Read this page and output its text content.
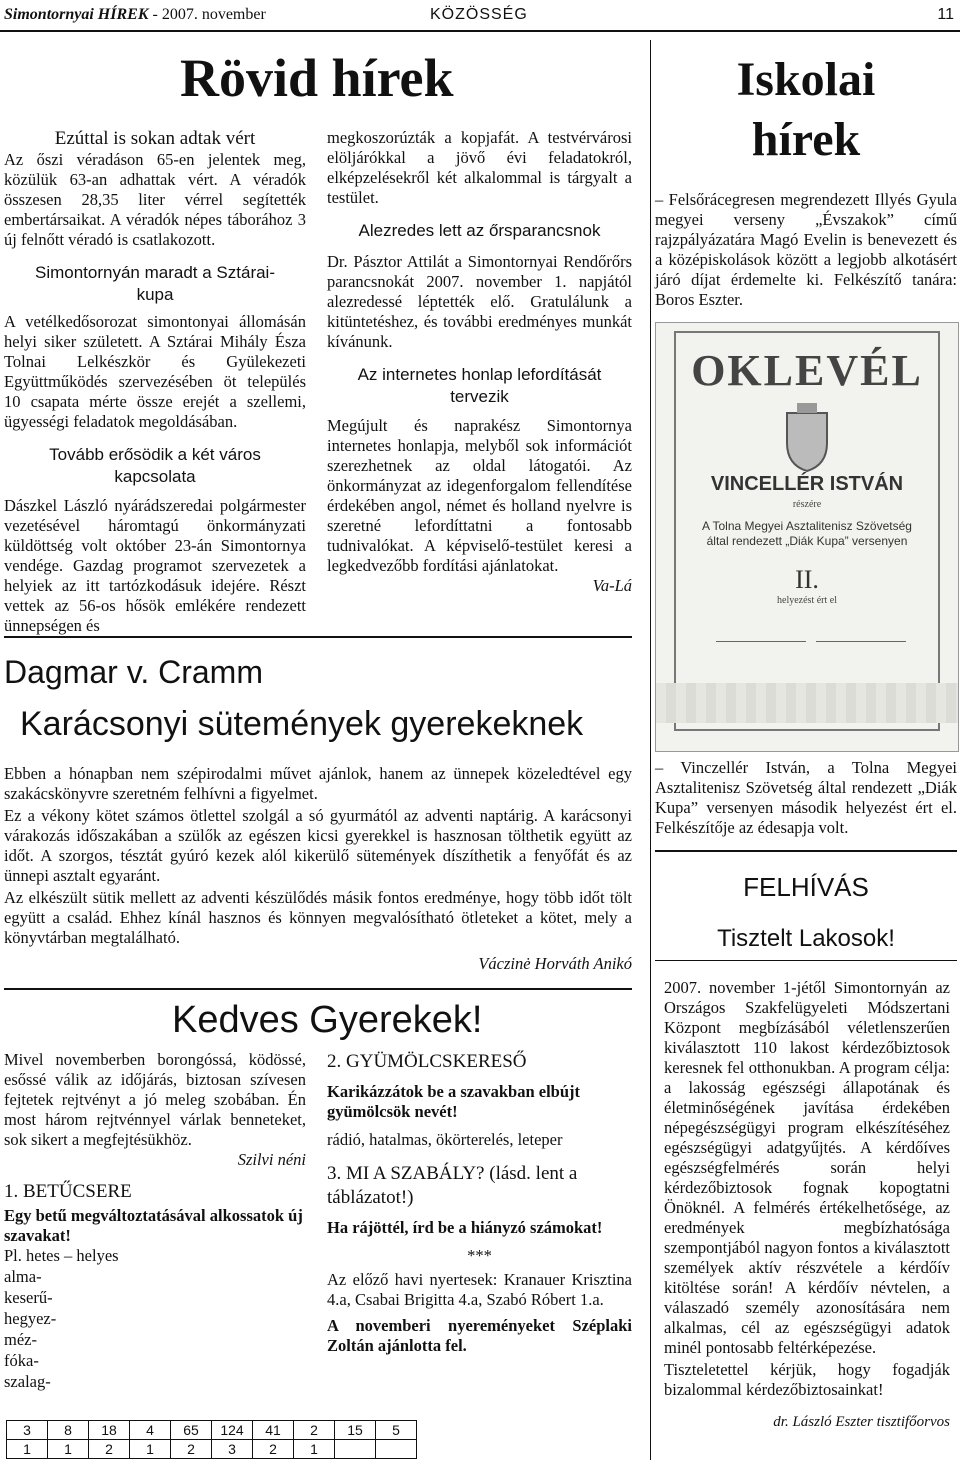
Simontornyai HÍREK - 2007. november	KÖZÖSSÉG	11
Rövid hírek

Ezúttal is sokan adtak vért

Az őszi véradáson 65-en jelentek meg, közülük 63-an adhattak vért. A véradók összesen 28,35 liter vérrel segítették embertársaikat. A véradók népes táborához 3 új felnőtt véradó is csatlakozott.

Simontornyán maradt a Sztárai-kupa

A vetélkedősorozat simontonyai állomásán helyi siker született. A Sztárai Mihály Észa Tolnai Lelkészkör és Gyülekezeti Együttműködés szervezésében öt település 10 csapata mérte össze erejét a szellemi, ügyességi feladatok megoldásában.

Tovább erősödik a két város kapcsolata

Dászkel László nyárádszeredai polgármester vezetésével háromtagú önkormányzati küldöttség volt október 23-án Simontornya vendége. Gazdag programot szervezetek a helyiek az itt tartózkodásuk idejére. Részt vettek az 56-os hősök emlékére rendezett ünnepségen és

megkoszorúzták a kopjafát. A testvérvárosi elöljárókkal a jövő évi feladatokról, elképzelésekről két alkalommal is tárgyalt a testület.

Alezredes lett az őrsparancsnok

Dr. Pásztor Attilát a Simontornyai Rendőrőrs parancsnokát 2007. november 1. napjától alezredessé léptették elő. Gratulálunk a kitüntetéshez, és további eredményes munkát kívánunk.

Az internetes honlap lefordítását tervezik

Megújult és naprakész Simontornya internetes honlapja, melyből sok információt szerezhetnek az oldal látogatói. Az önkormányzat az idegenforgalom fellendítése érdekében angol, német és holland nyelvre is szeretné lefordíttatni a fontosabb tudnivalókat. A képviselő-testület keresi a legkedvezőbb fordítási ajánlatokat.

Va-Lá

Iskolai
hírek

– Felsőrácegresen megrendezett Illyés Gyula megyei verseny „Évszakok” című rajzpályázatára Magó Evelin is benevezett és a középiskolások között a legjobb alkotásért járó díjat érdemelte ki. Felkészítő tanára: Boros Eszter.

OKLEVÉL
VINCELLÉR ISTVÁN
részére
A Tolna Megyei Asztalitenisz Szövetség által rendezett „Diák Kupa” versenyen
II.
helyezést ért el

– Vinczellér István, a Tolna Megyei Asztalitenisz Szövetség által rendezett „Diák Kupa” versenyen második helyezést ért el. Felkészítője az édesapja volt.

FELHÍVÁS
Tisztelt Lakosok!

2007. november 1-jétől Simontornyán az Országos Szakfelügyeleti Módszertani Központ megbízásából véletlenszerűen kiválasztott 110 lakost kérdezőbiztosok keresnek fel otthonukban. A program célja: a lakosság egészségi állapotának és életminőségének javítása érdekében népegészségügyi program elkészítéséhez egészségügyi adatgyűjtés. A kérdőíves egészségfelmérés során helyi kérdezőbiztosok fognak kopogtatni Önöknél. A felmérés értékelhetősége, az eredmények megbízhatósága szempontjából nagyon fontos a kiválasztott személyek aktív részvétele a kérdőív kitöltése során! A kérdőív névtelen, a válaszadó személy azonosítására nem alkalmas, cél az egészségügyi adatok minél pontosabb feltérképezése.

Tiszteletettel kérjük, hogy fogadják bizalommal kérdezőbiztosainkat!

dr. László Eszter tisztifőorvos

Dagmar v. Cramm
Karácsonyi sütemények gyerekeknek

Ebben a hónapban nem szépirodalmi művet ajánlok, hanem az ünnepek közeledtével egy szakácskönyvre szeretném felhívni a figyelmet.

Ez a vékony kötet számos ötlettel szolgál a só gyurmától az adventi naptárig. A karácsonyi várakozás időszakában a szülők az egészen kicsi gyerekkel is hasznosan tölthetik együtt az időt. A szorgos, tésztát gyúró kezek alól kikerülő sütemények díszíthetik a fenyőfát és az ünnepi asztalt egyaránt.

Az elkészült sütik mellett az adventi készülődés másik fontos eredménye, hogy több időt tölt együtt a család. Ehhez kínál hasznos és könnyen megvalósítható ötleteket a kötet, mely a könyvtárban megtalálható.

Váczinė Horváth Anikó

Kedves Gyerekek!

Mivel novemberben borongóssá, ködössé, esőssé válik az időjárás, biztosan szívesen fejtetek rejtvényt a jó meleg szobában. Én most három rejtvénnyel várlak benneteket, sok sikert a megfejtésükhöz.

Szilvi néni

1. BETŰCSERE

Egy betű megváltoztatásával alkossatok új szavakat!

Pl. hetes – helyes

alma-
keserű-
hegyez-
méz-
fóka-
szalag-

2. GYÜMÖLCSKERESŐ

Karikázzátok be a szavakban elbújt gyümölcsök nevét!

rádió, hatalmas, ökörterelés, leteper

3. MI A SZABÁLY? (lásd. lent a táblázatot!)

Ha rájöttél, írd be a hiányzó számokat!

***

Az előző havi nyertesek: Kranauer Krisztina 4.a, Csabai Brigitta 4.a, Szabó Róbert 1.a.

A novemberi nyereményeket Széplaki Zoltán ajánlotta fel.

3	8	18	4	65	124	41	2	15	5
1	1	2	1	2	3	2	1		
